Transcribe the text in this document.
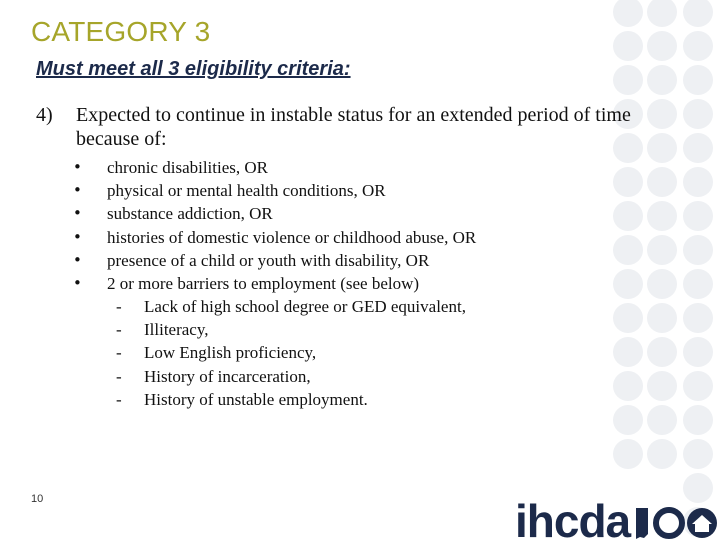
CATEGORY 3
Must meet all 3 eligibility criteria:
4) Expected to continue in instable status for an extended period of time because of:
• chronic disabilities, OR
• physical or mental health conditions, OR
• substance addiction, OR
• histories of domestic violence or childhood abuse, OR
• presence of a child or youth with disability, OR
• 2 or more barriers to employment (see below)
- Lack of high school degree or GED equivalent,
- Illiteracy,
- Low English proficiency,
- History of incarceration,
- History of unstable employment.
10	ihcda
